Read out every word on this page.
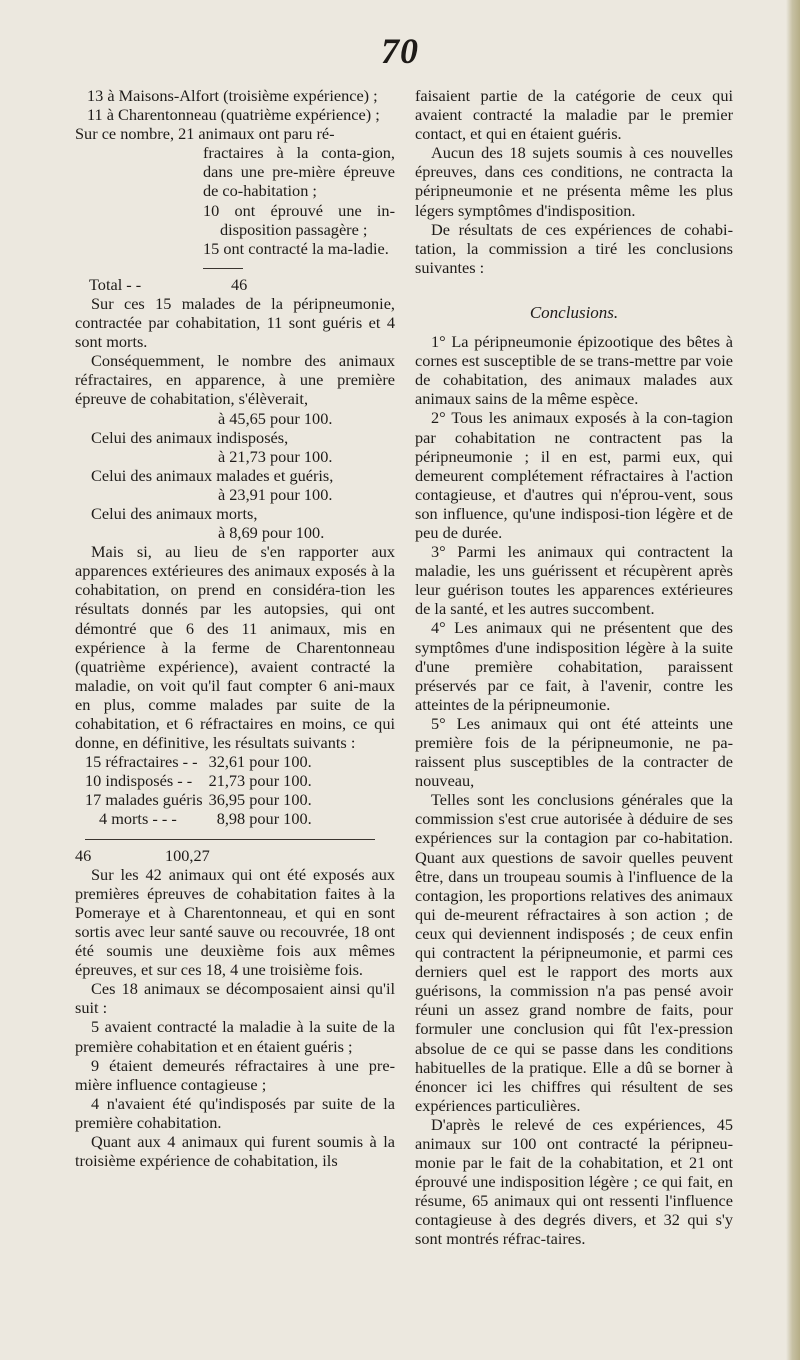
70

13 à Maisons-Alfort (troisième expérience) ;

11 à Charentonneau (quatrième expérience) ;

Sur ce nombre, 21 animaux ont paru ré-

fractaires à la conta-gion, dans une pre-mière épreuve de co-habitation ;

10 ont éprouvé une in-disposition passagère ;

15 ont contracté la ma-ladie.

Total - -	46

Sur ces 15 malades de la péripneumonie, contractée par cohabitation, 11 sont guéris et 4 sont morts.

Conséquemment, le nombre des animaux réfractaires, en apparence, à une première épreuve de cohabitation, s'élèverait,

à 45,65 pour 100.

Celui des animaux indisposés,

à 21,73 pour 100.

Celui des animaux malades et guéris,

à 23,91 pour 100.

Celui des animaux morts,

à 8,69 pour 100.

Mais si, au lieu de s'en rapporter aux apparences extérieures des animaux exposés à la cohabitation, on prend en considéra-tion les résultats donnés par les autopsies, qui ont démontré que 6 des 11 animaux, mis en expérience à la ferme de Charentonneau (quatrième expérience), avaient contracté la maladie, on voit qu'il faut compter 6 ani-maux en plus, comme malades par suite de la cohabitation, et 6 réfractaires en moins, ce qui donne, en définitive, les résultats suivants :

15 réfractaires - -	32,61 pour 100.
10 indisposés - -	21,73 pour 100.
17 malades guéris	36,95 pour 100.
4 morts - - -	8,98 pour 100.

46	100,27

Sur les 42 animaux qui ont été exposés aux premières épreuves de cohabitation faites à la Pomeraye et à Charentonneau, et qui en sont sortis avec leur santé sauve ou recouvrée, 18 ont été soumis une deuxième fois aux mêmes épreuves, et sur ces 18, 4 une troisième fois.

Ces 18 animaux se décomposaient ainsi qu'il suit :

5 avaient contracté la maladie à la suite de la première cohabitation et en étaient guéris ;

9 étaient demeurés réfractaires à une pre-mière influence contagieuse ;

4 n'avaient été qu'indisposés par suite de la première cohabitation.

Quant aux 4 animaux qui furent soumis à la troisième expérience de cohabitation, ils

faisaient partie de la catégorie de ceux qui avaient contracté la maladie par le premier contact, et qui en étaient guéris.

Aucun des 18 sujets soumis à ces nouvelles épreuves, dans ces conditions, ne contracta la péripneumonie et ne présenta même les plus légers symptômes d'indisposition.

De résultats de ces expériences de cohabi-tation, la commission a tiré les conclusions suivantes :

Conclusions.

1° La péripneumonie épizootique des bêtes à cornes est susceptible de se trans-mettre par voie de cohabitation, des animaux malades aux animaux sains de la même espèce.

2° Tous les animaux exposés à la con-tagion par cohabitation ne contractent pas la péripneumonie ; il en est, parmi eux, qui demeurent complétement réfractaires à l'action contagieuse, et d'autres qui n'éprou-vent, sous son influence, qu'une indisposi-tion légère et de peu de durée.

3° Parmi les animaux qui contractent la maladie, les uns guérissent et récupèrent après leur guérison toutes les apparences extérieures de la santé, et les autres succombent.

4° Les animaux qui ne présentent que des symptômes d'une indisposition légère à la suite d'une première cohabitation, paraissent préservés par ce fait, à l'avenir, contre les atteintes de la péripneumonie.

5° Les animaux qui ont été atteints une première fois de la péripneumonie, ne pa-raissent plus susceptibles de la contracter de nouveau,

Telles sont les conclusions générales que la commission s'est crue autorisée à déduire de ses expériences sur la contagion par co-habitation. Quant aux questions de savoir quelles peuvent être, dans un troupeau soumis à l'influence de la contagion, les proportions relatives des animaux qui de-meurent réfractaires à son action ; de ceux qui deviennent indisposés ; de ceux enfin qui contractent la péripneumonie, et parmi ces derniers quel est le rapport des morts aux guérisons, la commission n'a pas pensé avoir réuni un assez grand nombre de faits, pour formuler une conclusion qui fût l'ex-pression absolue de ce qui se passe dans les conditions habituelles de la pratique. Elle a dû se borner à énoncer ici les chiffres qui résultent de ses expériences particulières.

D'après le relevé de ces expériences, 45 animaux sur 100 ont contracté la péripneu-monie par le fait de la cohabitation, et 21 ont éprouvé une indisposition légère ; ce qui fait, en résume, 65 animaux qui ont ressenti l'influence contagieuse à des degrés divers, et 32 qui s'y sont montrés réfrac-taires.
